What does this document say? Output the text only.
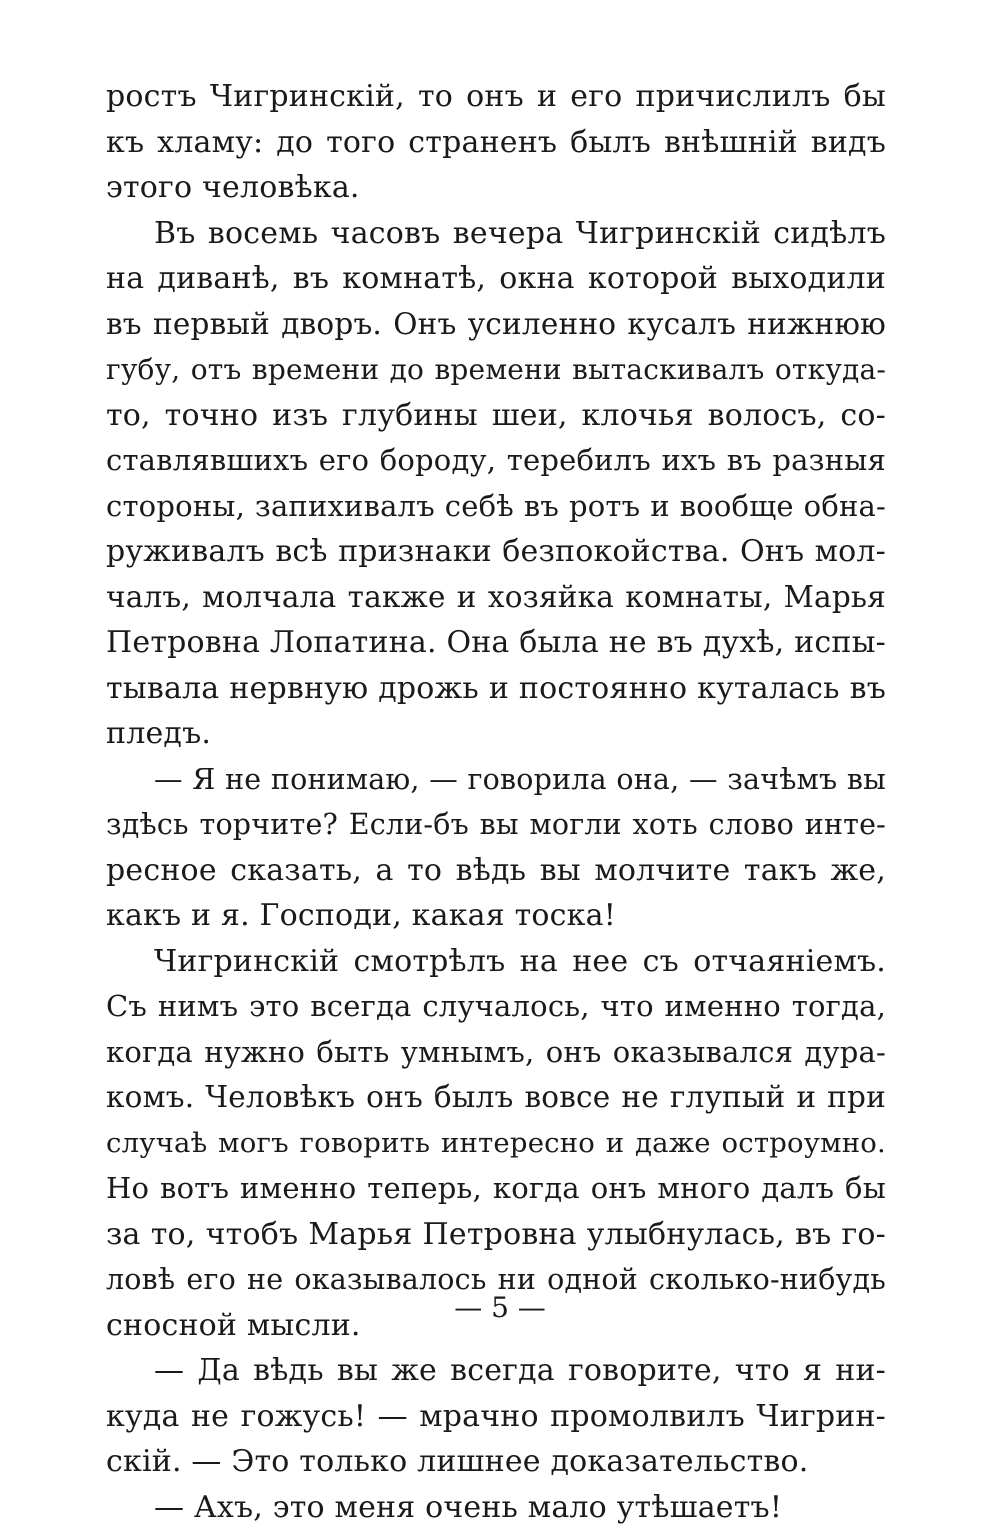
ростъ Чигринскій, то онъ и его причислилъ бы
къ хламу: до того страненъ былъ внѣшній видъ
этого человѣка.
Въ восемь часовъ вечера Чигринскій сидѣлъ
на диванѣ, въ комнатѣ, окна которой выходили
въ первый дворъ. Онъ усиленно кусалъ нижнюю
губу, отъ времени до времени вытаскивалъ откуда-
то, точно изъ глубины шеи, клочья волосъ, со-
ставлявшихъ его бороду, теребилъ ихъ въ разныя
стороны, запихивалъ себѣ въ ротъ и вообще обна-
руживалъ всѣ признаки безпокойства. Онъ мол-
чалъ, молчала также и хозяйка комнаты, Марья
Петровна Лопатина. Она была не въ духѣ, испы-
тывала нервную дрожь и постоянно куталась въ
пледъ.
— Я не понимаю, — говорила она, — зачѣмъ вы
здѣсь торчите? Если-бъ вы могли хоть слово инте-
ресное сказать, а то вѣдь вы молчите такъ же,
какъ и я. Господи, какая тоска!
Чигринскій смотрѣлъ на нее съ отчаяніемъ.
Съ нимъ это всегда случалось, что именно тогда,
когда нужно быть умнымъ, онъ оказывался дура-
комъ. Человѣкъ онъ былъ вовсе не глупый и при
случаѣ могъ говорить интересно и даже остроумно.
Но вотъ именно теперь, когда онъ много далъ бы
за то, чтобъ Марья Петровна улыбнулась, въ го-
ловѣ его не оказывалось ни одной сколько-нибудь
сносной мысли.
— Да вѣдь вы же всегда говорите, что я ни-
куда не гожусь! — мрачно промолвилъ Чигрин-
скій. — Это только лишнее доказательство.
— Ахъ, это меня очень мало утѣшаетъ!
— 5 —
